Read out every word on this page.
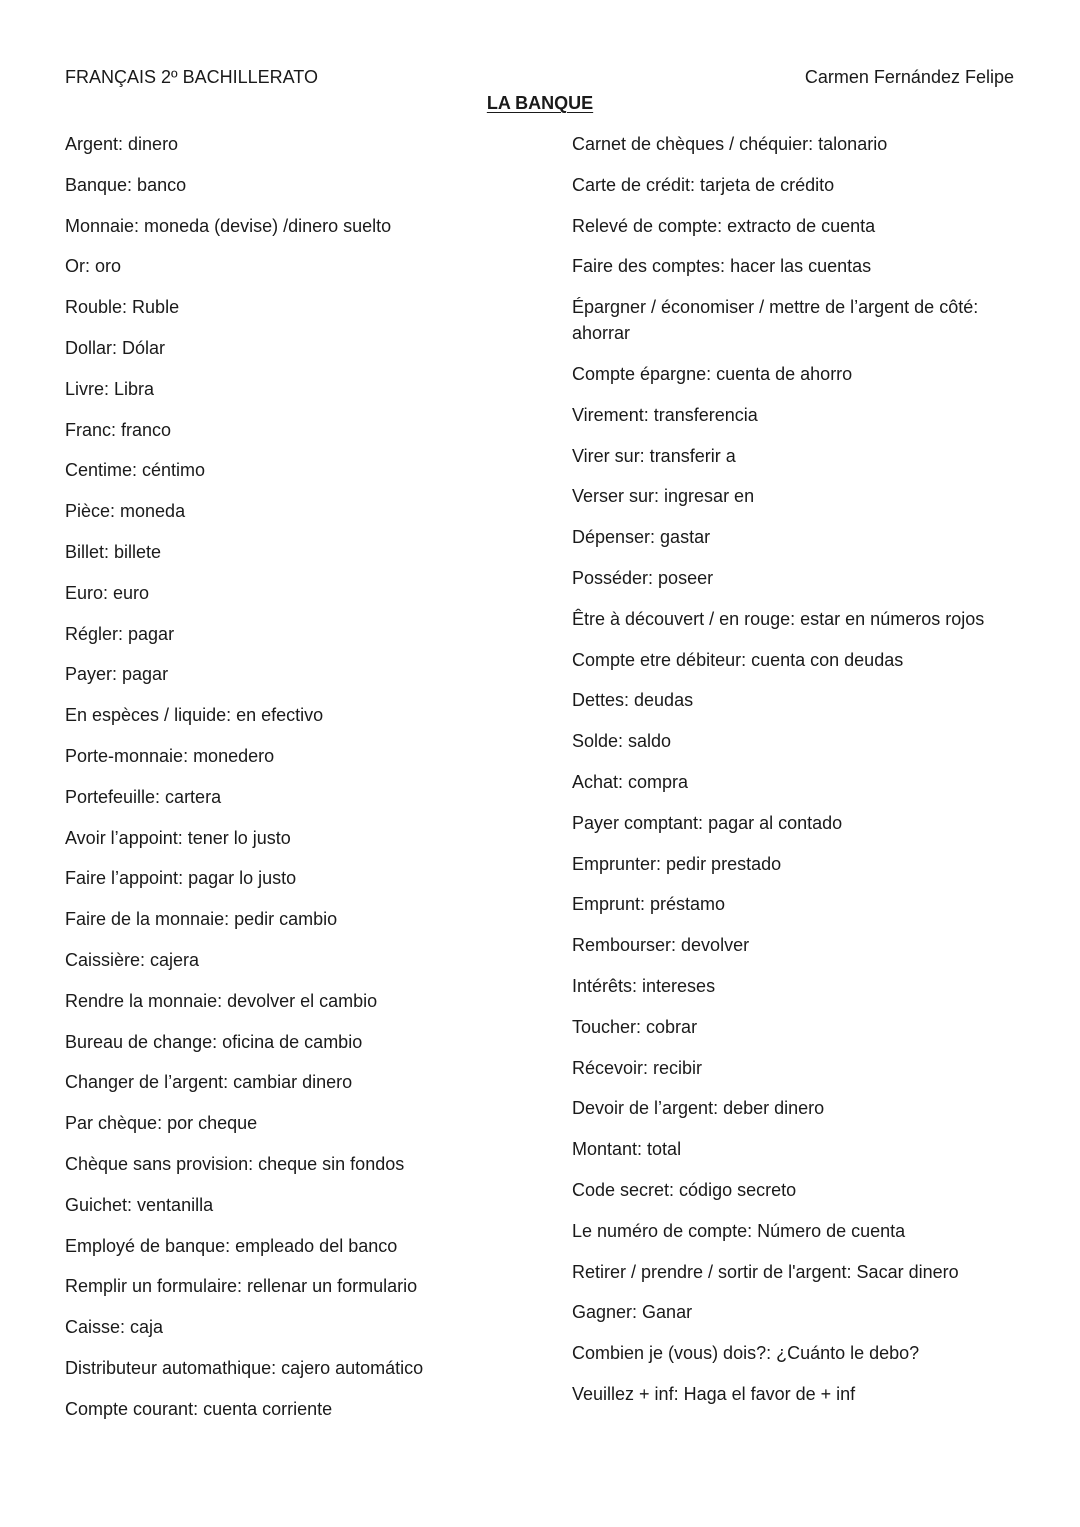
FRANÇAIS 2º BACHILLERATO	Carmen Fernández Felipe
LA BANQUE

Argent: dinero

Banque: banco

Monnaie: moneda (devise) /dinero suelto

Or: oro

Rouble: Ruble

Dollar: Dólar

Livre: Libra

Franc: franco

Centime: céntimo

Pièce: moneda

Billet: billete

Euro: euro

Régler: pagar

Payer: pagar

En espèces / liquide: en efectivo

Porte-monnaie: monedero

Portefeuille: cartera

Avoir l’appoint: tener lo justo

Faire l’appoint: pagar lo justo

Faire de la monnaie: pedir cambio

Caissière: cajera

Rendre la monnaie: devolver el cambio

Bureau de change: oficina de cambio

Changer de l’argent: cambiar dinero

Par chèque: por cheque

Chèque sans provision: cheque sin fondos

Guichet: ventanilla

Employé de banque: empleado del banco

Remplir un formulaire: rellenar un formulario

Caisse: caja

Distributeur automathique: cajero automático

Compte courant: cuenta corriente

Carnet de chèques / chéquier: talonario

Carte de crédit: tarjeta de crédito

Relevé de compte: extracto de cuenta

Faire des comptes: hacer las cuentas

Épargner / économiser / mettre de l’argent de côté: ahorrar

Compte épargne: cuenta de ahorro

Virement: transferencia

Virer sur: transferir a

Verser sur: ingresar en

Dépenser: gastar

Posséder: poseer

Être à découvert / en rouge: estar en números rojos

Compte etre débiteur: cuenta con deudas

Dettes: deudas

Solde: saldo

Achat: compra

Payer comptant: pagar al contado

Emprunter: pedir prestado

Emprunt: préstamo

Rembourser: devolver

Intérêts: intereses

Toucher: cobrar

Récevoir: recibir

Devoir de l’argent: deber dinero

Montant: total

Code secret: código secreto

Le numéro de compte: Número de cuenta

Retirer / prendre / sortir de l'argent: Sacar dinero

Gagner: Ganar

Combien je (vous) dois?: ¿Cuánto le debo?

Veuillez + inf: Haga el favor de + inf
